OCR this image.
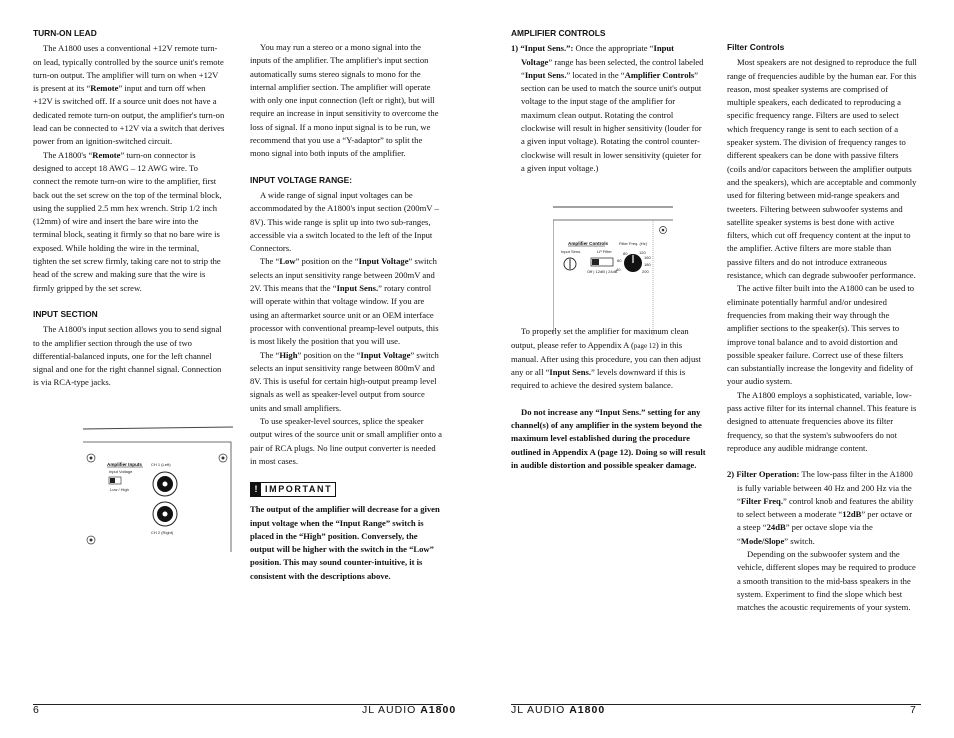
TURN-ON LEAD

The A1800 uses a conventional +12V remote turn-on lead, typically controlled by the source unit's remote turn-on output. The amplifier will turn on when +12V is present at its “Remote” input and turn off when +12V is switched off. If a source unit does not have a dedicated remote turn-on output, the amplifier's turn-on lead can be connected to +12V via a switch that derives power from an ignition-switched circuit.

The A1800's “Remote” turn-on connector is designed to accept 18 AWG – 12 AWG wire. To connect the remote turn-on wire to the amplifier, first back out the set screw on the top of the terminal block, using the supplied 2.5 mm hex wrench. Strip 1/2 inch (12mm) of wire and insert the bare wire into the terminal block, seating it firmly so that no bare wire is exposed. While holding the wire in the terminal, tighten the set screw firmly, taking care not to strip the head of the screw and making sure that the wire is firmly gripped by the set screw.

INPUT SECTION

The A1800's input section allows you to send signal to the amplifier section through the use of two differential-balanced inputs, one for the left channel signal and one for the right channel signal. Connection is via RCA-type jacks.

Amplifier Inputs
Input Voltage
Low / High
CH 1 (Left)
CH 2 (Right)

You may run a stereo or a mono signal into the inputs of the amplifier. The amplifier's input section automatically sums stereo signals to mono for the internal amplifier section. The amplifier will operate with only one input connection (left or right), but will require an increase in input sensitivity to overcome the loss of signal. If a mono input signal is to be run, we recommend that you use a “Y-adaptor” to split the mono signal into both inputs of the amplifier.

INPUT VOLTAGE RANGE:

A wide range of signal input voltages can be accommodated by the A1800's input section (200mV – 8V). This wide range is split up into two sub-ranges, accessible via a switch located to the left of the Input Connectors.

The “Low” position on the “Input Voltage” switch selects an input sensitivity range between 200mV and 2V. This means that the “Input Sens.” rotary control will operate within that voltage window. If you are using an aftermarket source unit or an OEM interface processor with conventional preamp-level outputs, this is most likely the position that you will use.

The “High” position on the “Input Voltage” switch selects an input sensitivity range between 800mV and 8V. This is useful for certain high-output preamp level signals as well as speaker-level output from source units and small amplifiers.

To use speaker-level sources, splice the speaker output wires of the source unit or small amplifier onto a pair of RCA plugs. No line output converter is needed in most cases.

! IMPORTANT

The output of the amplifier will decrease for a given input voltage when the “Input Range” switch is placed in the “High” position. Conversely, the output will be higher with the switch in the “Low” position. This may sound counter-intuitive, it is consistent with the descriptions above.

AMPLIFIER CONTROLS

1) “Input Sens.”: Once the appropriate “Input Voltage” range has been selected, the control labeled “Input Sens.” located in the “Amplifier Controls” section can be used to match the source unit's output voltage to the input stage of the amplifier for maximum clean output. Rotating the control clockwise will result in higher sensitivity (louder for a given input voltage). Rotating the control counter-clockwise will result in lower sensitivity (quieter for a given input voltage.)

To properly set the amplifier for maximum clean output, please refer to Appendix A (page 12) in this manual. After using this procedure, you can then adjust any or all “Input Sens.” levels downward if this is required to achieve the desired system balance.

Do not increase any “Input Sens.” setting for any channel(s) of any amplifier in the system beyond the maximum level established during the procedure outlined in Appendix A (page 12). Doing so will result in audible distortion and possible speaker damage.

Amplifier Controls
Input Sens.	LP Filter
Filter Freq. (Hz)
Off | 12dB | 24dB
80	120
60
160
40
180
200
Filter Controls

Most speakers are not designed to reproduce the full range of frequencies audible by the human ear. For this reason, most speaker systems are comprised of multiple speakers, each dedicated to reproducing a specific frequency range. Filters are used to select which frequency range is sent to each section of a speaker system. The division of frequency ranges to different speakers can be done with passive filters (coils and/or capacitors between the amplifier outputs and the speakers), which are acceptable and commonly used for filtering between mid-range speakers and tweeters. Filtering between subwoofer systems and satellite speaker systems is best done with active filters, which cut off frequency content at the input to the amplifier. Active filters are more stable than passive filters and do not introduce extraneous resistance, which can degrade subwoofer performance.

The active filter built into the A1800 can be used to eliminate potentially harmful and/or undesired frequencies from making their way through the amplifier sections to the speaker(s). This serves to improve tonal balance and to avoid distortion and possible speaker failure. Correct use of these filters can substantially increase the longevity and fidelity of your audio system.

The A1800 employs a sophisticated, variable, low-pass active filter for its internal channel. This feature is designed to attenuate frequencies above its filter frequency, so that the system's subwoofers do not reproduce any audible midrange content.

2) Filter Operation: The low-pass filter in the A1800 is fully variable between 40 Hz and 200 Hz via the “Filter Freq.” control knob and features the ability to select between a moderate “12dB” per octave or a steep “24dB” per octave slope via the “Mode/Slope” switch.

Depending on the subwoofer system and the vehicle, different slopes may be required to produce a smooth transition to the mid-bass speakers in the system. Experiment to find the slope which best matches the acoustic requirements of your system.

6	JL AUDIO A1800	JL AUDIO A1800	7
